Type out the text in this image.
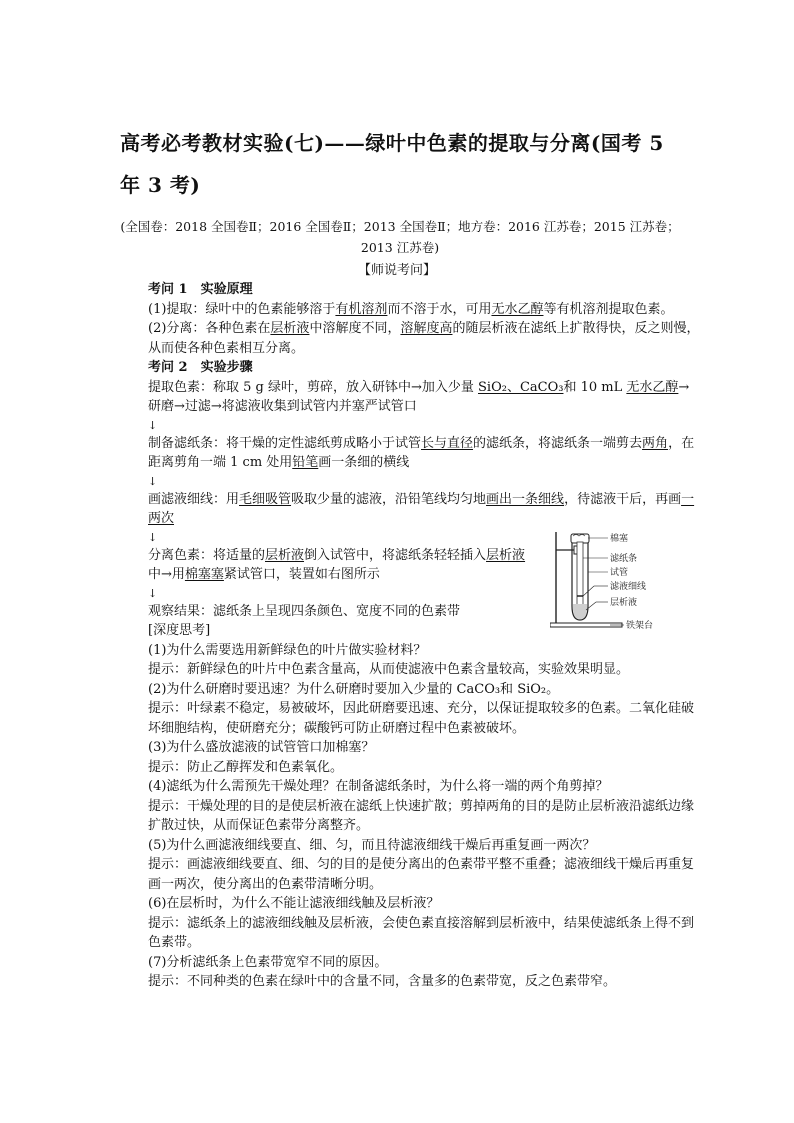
高考必考教材实验(七)——绿叶中色素的提取与分离(国考 5 年 3 考)

(全国卷：2018 全国卷Ⅱ；2016 全国卷Ⅱ；2013 全国卷Ⅱ；地方卷：2016 江苏卷；2015 江苏卷；2013 江苏卷)

【师说考问】

考问 1　实验原理

(1)提取：绿叶中的色素能够溶于有机溶剂而不溶于水，可用无水乙醇等有机溶剂提取色素。

(2)分离：各种色素在层析液中溶解度不同，溶解度高的随层析液在滤纸上扩散得快，反之则慢，从而使各种色素相互分离。

考问 2　实验步骤

提取色素：称取 5 g 绿叶，剪碎，放入研钵中→加入少量 SiO₂、CaCO₃和 10 mL 无水乙醇→研磨→过滤→将滤液收集到试管内并塞严试管口

↓

制备滤纸条：将干燥的定性滤纸剪成略小于试管长与直径的滤纸条，将滤纸条一端剪去两角，在距离剪角一端 1 cm 处用铅笔画一条细的横线

↓

画滤液细线：用毛细吸管吸取少量的滤液，沿铅笔线均匀地画出一条细线，待滤液干后，再画一两次

↓

分离色素：将适量的层析液倒入试管中，将滤纸条轻轻插入层析液中→用棉塞塞紧试管口，装置如右图所示

↓

观察结果：滤纸条上呈现四条颜色、宽度不同的色素带

[深度思考]

(1)为什么需要选用新鲜绿色的叶片做实验材料？

提示：新鲜绿色的叶片中色素含量高，从而使滤液中色素含量较高，实验效果明显。

(2)为什么研磨时要迅速？为什么研磨时要加入少量的 CaCO₃和 SiO₂。

提示：叶绿素不稳定，易被破坏，因此研磨要迅速、充分，以保证提取较多的色素。二氧化硅破坏细胞结构，使研磨充分；碳酸钙可防止研磨过程中色素被破坏。

(3)为什么盛放滤液的试管管口加棉塞？

提示：防止乙醇挥发和色素氧化。

(4)滤纸为什么需预先干燥处理？在制备滤纸条时，为什么将一端的两个角剪掉？

提示：干燥处理的目的是使层析液在滤纸上快速扩散；剪掉两角的目的是防止层析液沿滤纸边缘扩散过快，从而保证色素带分离整齐。

(5)为什么画滤液细线要直、细、匀，而且待滤液细线干燥后再重复画一两次？

提示：画滤液细线要直、细、匀的目的是使分离出的色素带平整不重叠；滤液细线干燥后再重复画一两次，使分离出的色素带清晰分明。

(6)在层析时，为什么不能让滤液细线触及层析液？

提示：滤纸条上的滤液细线触及层析液，会使色素直接溶解到层析液中，结果使滤纸条上得不到色素带。

(7)分析滤纸条上色素带宽窄不同的原因。

提示：不同种类的色素在绿叶中的含量不同，含量多的色素带宽，反之色素带窄。

棉塞
滤纸条
试管
滤液细线
层析液
铁架台
